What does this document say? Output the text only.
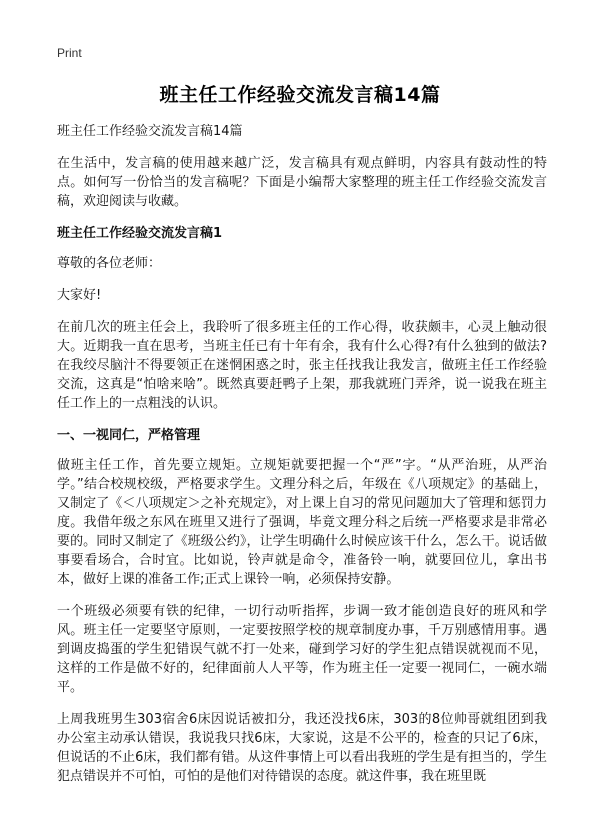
Print
班主任工作经验交流发言稿14篇

班主任工作经验交流发言稿14篇

在生活中，发言稿的使用越来越广泛，发言稿具有观点鲜明，内容具有鼓动性的特点。如何写一份恰当的发言稿呢？下面是小编帮大家整理的班主任工作经验交流发言稿，欢迎阅读与收藏。

班主任工作经验交流发言稿1

尊敬的各位老师：

大家好!

在前几次的班主任会上，我聆听了很多班主任的工作心得，收获颇丰，心灵上触动很大。近期我一直在思考，当班主任已有十年有余，我有什么心得?有什么独到的做法?在我绞尽脑汁不得要领正在迷惘困惑之时，张主任找我让我发言，做班主任工作经验交流，这真是“怕啥来啥”。既然真要赶鸭子上架，那我就班门弄斧，说一说我在班主任工作上的一点粗浅的认识。

一、一视同仁，严格管理

做班主任工作，首先要立规矩。立规矩就要把握一个“严”字。“从严治班，从严治学。”结合校规校级，严格要求学生。文理分科之后，年级在《八项规定》的基础上，又制定了《＜八项规定＞之补充规定》，对上课上自习的常见问题加大了管理和惩罚力度。我借年级之东风在班里又进行了强调，毕竟文理分科之后统一严格要求是非常必要的。同时又制定了《班级公约》，让学生明确什么时候应该干什么，怎么干。说话做事要看场合，合时宜。比如说，铃声就是命令，准备铃一响，就要回位儿，拿出书本，做好上课的准备工作;正式上课铃一响，必须保持安静。

一个班级必须要有铁的纪律，一切行动听指挥，步调一致才能创造良好的班风和学风。班主任一定要坚守原则，一定要按照学校的规章制度办事，千万别感情用事。遇到调皮捣蛋的学生犯错误气就不打一处来，碰到学习好的学生犯点错误就视而不见，这样的工作是做不好的，纪律面前人人平等，作为班主任一定要一视同仁，一碗水端平。

上周我班男生303宿舍6床因说话被扣分，我还没找6床，303的8位帅哥就组团到我办公室主动承认错误，我说我只找6床，大家说，这是不公平的，检查的只记了6床，但说话的不止6床，我们都有错。从这件事情上可以看出我班的学生是有担当的，学生犯点错误并不可怕，可怕的是他们对待错误的态度。就这件事，我在班里既
